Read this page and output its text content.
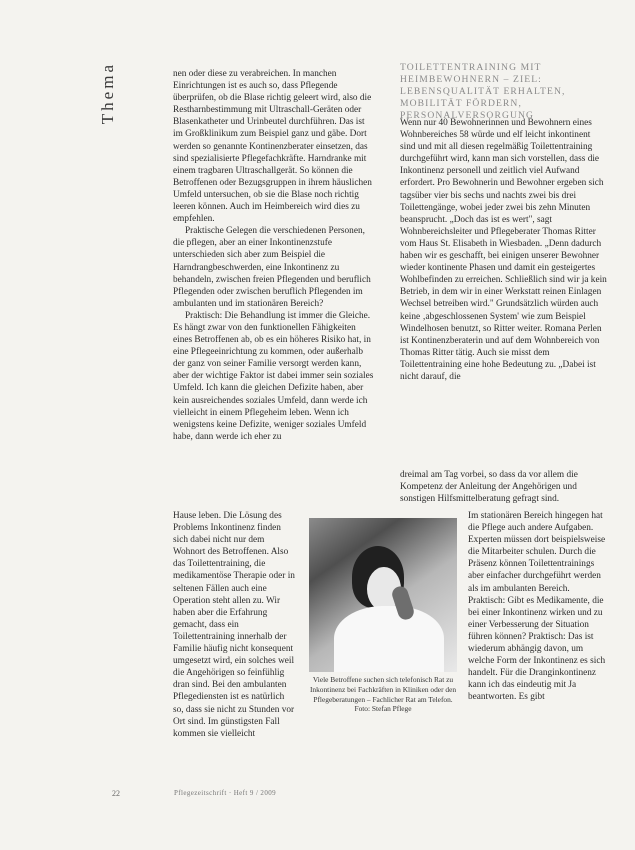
Thema	nen oder diese zu verabreichen. In manchen Einrichtungen ist es auch so, dass Pflegende überprüfen, ob die Blase richtig geleert wird, also die Restharnbestimmung mit Ultraschall-Geräten oder Blasenkatheter und Urinbeutel durchführen. Das ist im Großklinikum zum Beispiel ganz und gäbe. Dort werden so genannte Kontinenzberater einsetzen, das sind spezialisierte Pflegefachkräfte. Harndranke mit einem tragbaren Ultraschallgerät. So können die Betroffenen oder Bezugsgruppen in ihrem häuslichen Umfeld untersuchen, ob sie die Blase noch richtig leeren können. Auch im Heimbereich wird dies zu empfehlen.

Praktische Gelegen die verschiedenen Personen, die pflegen, aber an einer Inkontinenzstufe unterschieden sich aber zum Beispiel die Harndrangbeschwerden, eine Inkontinenz zu behandeln, zwischen freien Pflegenden und beruflich Pflegenden oder zwischen beruflich Pflegenden im ambulanten und im stationären Bereich?

Praktisch: Die Behandlung ist immer die Gleiche. Es hängt zwar von den funktionellen Fähigkeiten eines Betroffenen ab, ob es ein höheres Risiko hat, in eine Pflegeeinrichtung zu kommen, oder außerhalb der ganz von seiner Familie versorgt werden kann, aber der wichtige Faktor ist dabei immer sein soziales Umfeld. Ich kann die gleichen Defizite haben, aber kein ausreichendes soziales Umfeld, dann werde ich vielleicht in einem Pflegeheim leben. Wenn ich wenigstens keine Defizite, weniger soziales Umfeld habe, dann werde ich eher zu

Hause leben. Die Lösung des Problems Inkontinenz finden sich dabei nicht nur dem Wohnort des Betroffenen. Also das Toilettentraining, die medikamentöse Therapie oder in seltenen Fällen auch eine Operation steht allen zu. Wir haben aber die Erfahrung gemacht, dass ein Toilettentraining innerhalb der Familie häufig nicht konsequent umgesetzt wird, ein solches weil die Angehörigen so feinfühlig dran sind. Bei den ambulanten Pflegediensten ist es natürlich so, dass sie nicht zu Stunden vor Ort sind. Im günstigsten Fall kommen sie vielleicht

TOILETTENTRAINING MIT HEIMBEWOHNERN – ZIEL: LEBENSQUALITÄT ERHALTEN, MOBILITÄT FÖRDERN, PERSONALVERSORGUNG

Wenn nur 40 Bewohnerinnen und Bewohnern eines Wohnbereiches 58 würde und elf leicht inkontinent sind und mit all diesen regelmäßig Toilettentraining durchgeführt wird, kann man sich vorstellen, dass die Inkontinenz personell und zeitlich viel Aufwand erfordert. Pro Bewohnerin und Bewohner ergeben sich tagsüber vier bis sechs und nachts zwei bis drei Toilettengänge, wobei jeder zwei bis zehn Minuten beansprucht. „Doch das ist es wert", sagt Wohnbereichsleiter und Pflegeberater Thomas Ritter vom Haus St. Elisabeth in Wiesbaden. „Denn dadurch haben wir es geschafft, bei einigen unserer Bewohner wieder kontinente Phasen und damit ein gesteigertes Wohlbefinden zu erreichen. Schließlich sind wir ja kein Betrieb, in dem wir in einer Werkstatt reinen Einlagen Wechsel betreiben wird." Grundsätzlich würden auch keine ‚abgeschlossenen System' wie zum Beispiel Windelhosen benutzt, so Ritter weiter. Romana Perlen ist Kontinenzberaterin und auf dem Wohnbereich von Thomas Ritter tätig. Auch sie misst dem Toilettentraining eine hohe Bedeutung zu. „Dabei ist nicht darauf, die

dreimal am Tag vorbei, so dass da vor allem die Kompetenz der Anleitung der Angehörigen und sonstigen Hilfsmittelberatung gefragt sind.

Im stationären Bereich hingegen hat die Pflege auch andere Aufgaben. Experten müssen dort beispielsweise die Mitarbeiter schulen. Durch die Präsenz können Toilettentrainings aber einfacher durchgeführt werden als im ambulanten Bereich. Praktisch: Gibt es Medikamente, die bei einer Inkontinenz wirken und zu einer Verbesserung der Situation führen können? Praktisch: Das ist wiederum abhängig davon, um welche Form der Inkontinenz es sich handelt. Für die Dranginkontinenz kann ich das eindeutig mit Ja beantworten. Es gibt

Viele Betroffene suchen sich telefonisch Rat zu Inkontinenz bei Fachkräften in Kliniken oder den Pflegeberatungen – Fachlicher Rat am Telefon. Foto: Stefan Pflege
22	Pflegezeitschrift · Heft 9 / 2009
